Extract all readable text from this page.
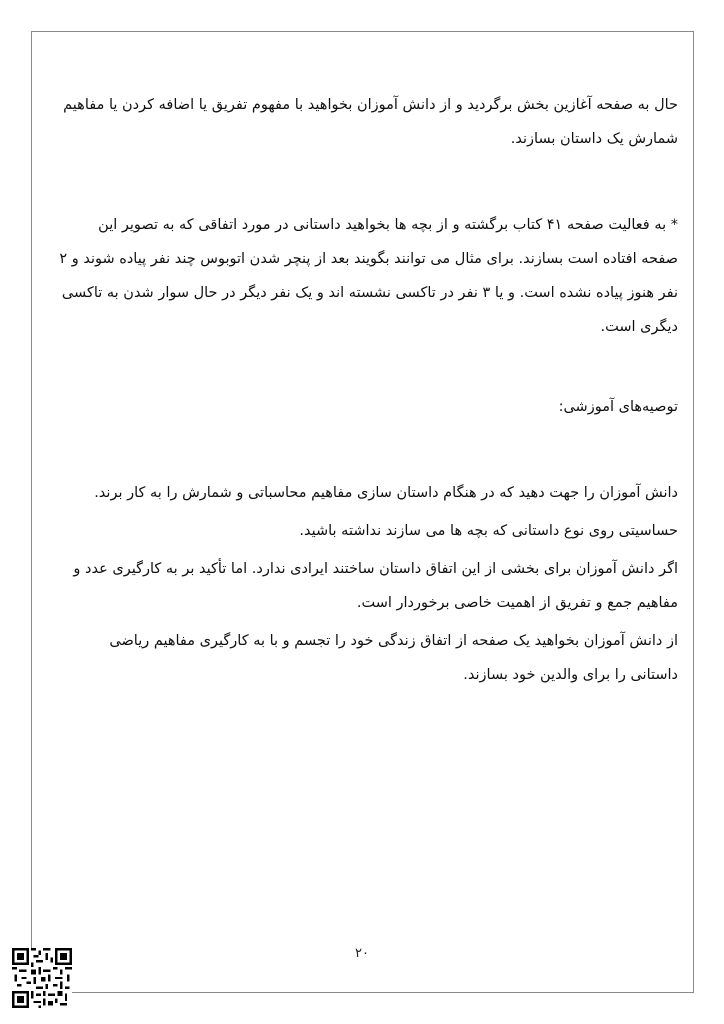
حال به صفحه آغازین بخش برگردید و از دانش آموزان بخواهید با مفهوم تفریق یا اضافه کردن یا مفاهیم شمارش یک داستان بسازند.

* به فعالیت صفحه ۴۱ کتاب برگشته و از بچه ها بخواهید داستانی در مورد اتفاقی که به تصویر این صفحه افتاده است بسازند. برای مثال می توانند بگویند بعد از پنچر شدن اتوبوس چند نفر پیاده شوند و ۲ نفر هنوز پیاده نشده است. و یا ۳ نفر در تاکسی نشسته اند و یک نفر دیگر در حال سوار شدن به تاکسی دیگری است.

توصیه‌های آموزشی:

دانش آموزان را جهت دهید که در هنگام داستان سازی مفاهیم محاسباتی و شمارش را به کار برند.

حساسیتی روی نوع داستانی که بچه ها می سازند نداشته باشید.

اگر دانش آموزان برای بخشی از این اتفاق داستان ساختند ایرادی ندارد. اما تأکید بر به کارگیری عدد و مفاهیم جمع و تفریق از اهمیت خاصی برخوردار است.

از دانش آموزان بخواهید یک صفحه از اتفاق زندگی خود را تجسم و با به کارگیری مفاهیم ریاضی داستانی را برای والدین خود بسازند.

۲۰
